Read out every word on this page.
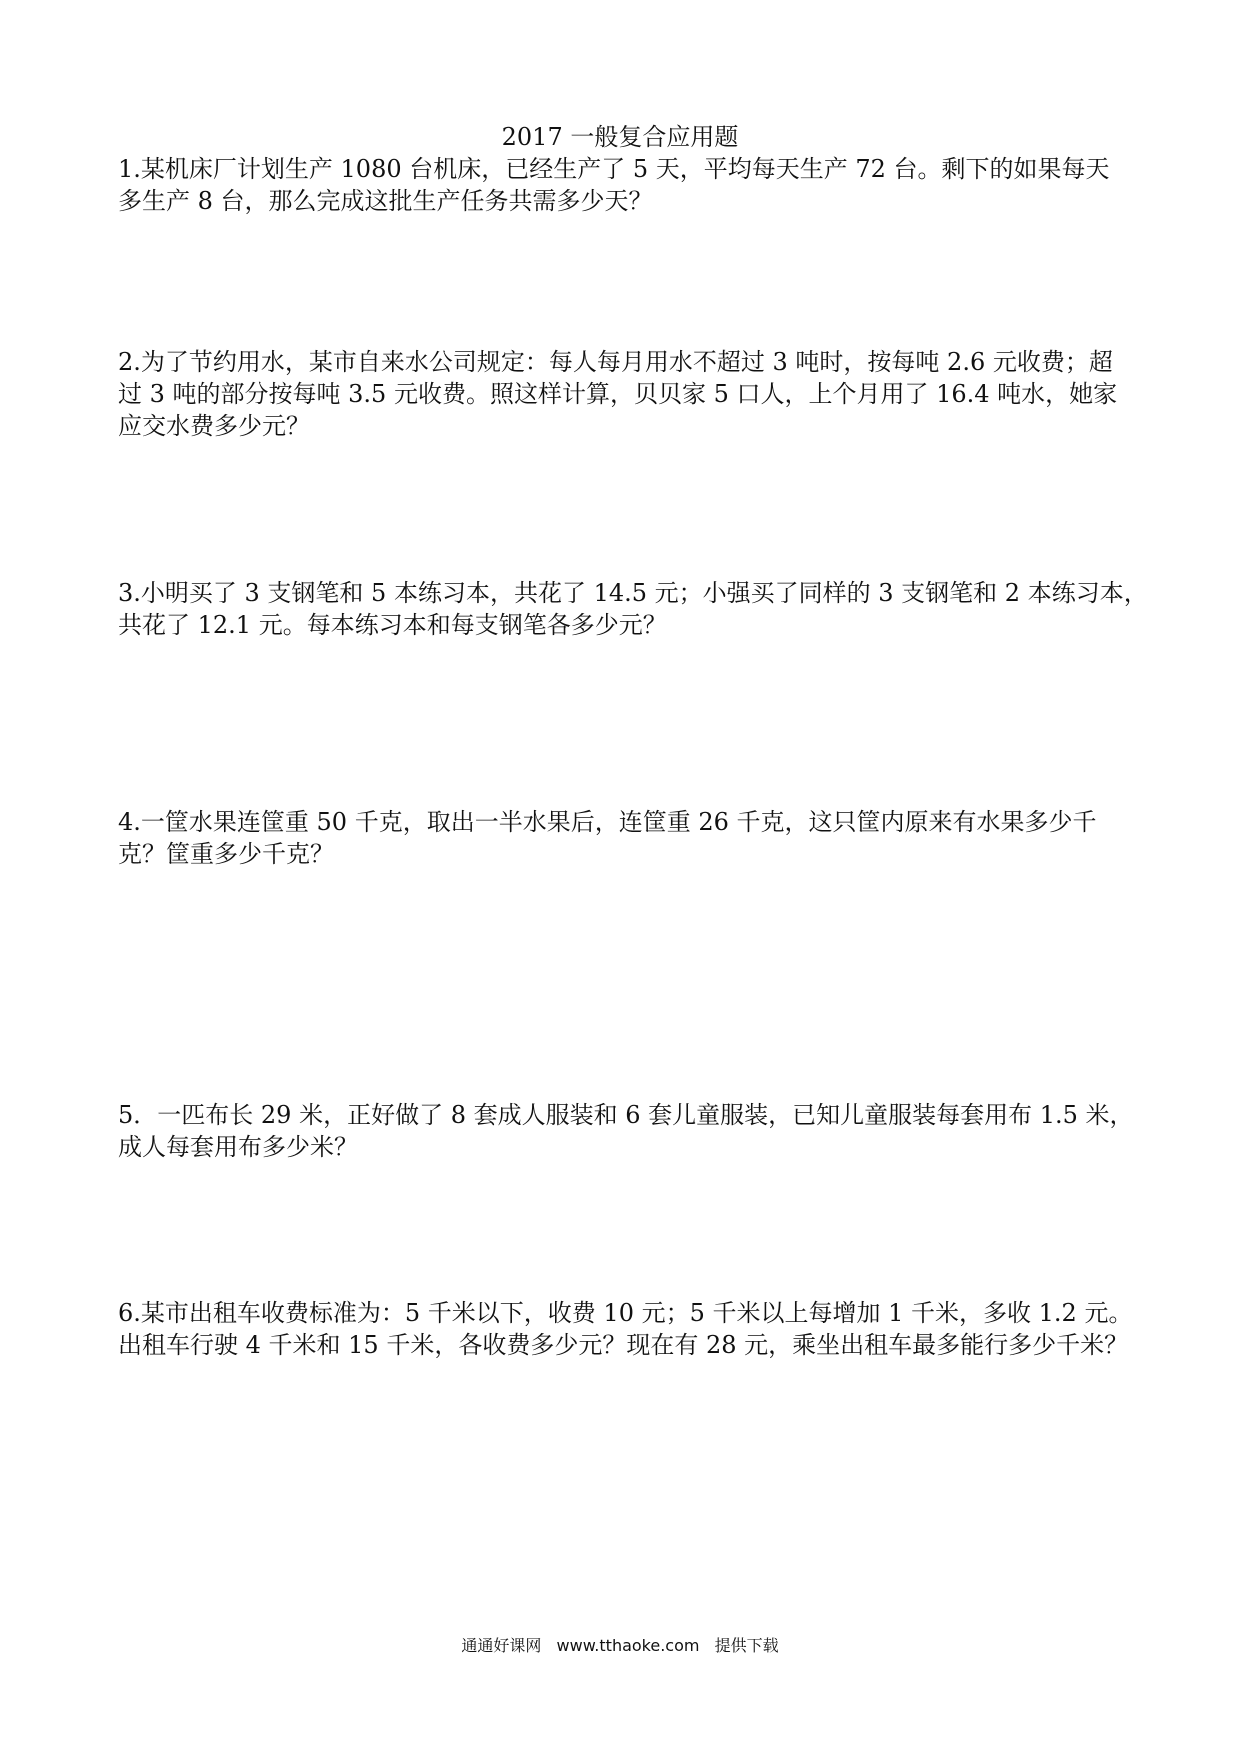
2017 一般复合应用题

1.某机床厂计划生产 1080 台机床，已经生产了 5 天，平均每天生产 72 台。剩下的如果每天
多生产 8 台，那么完成这批生产任务共需多少天？

2.为了节约用水，某市自来水公司规定：每人每月用水不超过 3 吨时，按每吨 2.6 元收费；超
过 3 吨的部分按每吨 3.5 元收费。照这样计算，贝贝家 5 口人，上个月用了 16.4 吨水，她家
应交水费多少元？

3.小明买了 3 支钢笔和 5 本练习本，共花了 14.5 元；小强买了同样的 3 支钢笔和 2 本练习本，
共花了 12.1 元。每本练习本和每支钢笔各多少元？

4.一筐水果连筐重 50 千克，取出一半水果后，连筐重 26 千克，这只筐内原来有水果多少千
克？筐重多少千克？

5．一匹布长 29 米，正好做了 8 套成人服装和 6 套儿童服装，已知儿童服装每套用布 1.5 米，
成人每套用布多少米？

6.某市出租车收费标准为：5 千米以下，收费 10 元；5 千米以上每增加 1 千米，多收 1.2 元。
出租车行驶 4 千米和 15 千米，各收费多少元？现在有 28 元，乘坐出租车最多能行多少千米？

通通好课网 www.tthaoke.com 提供下载
